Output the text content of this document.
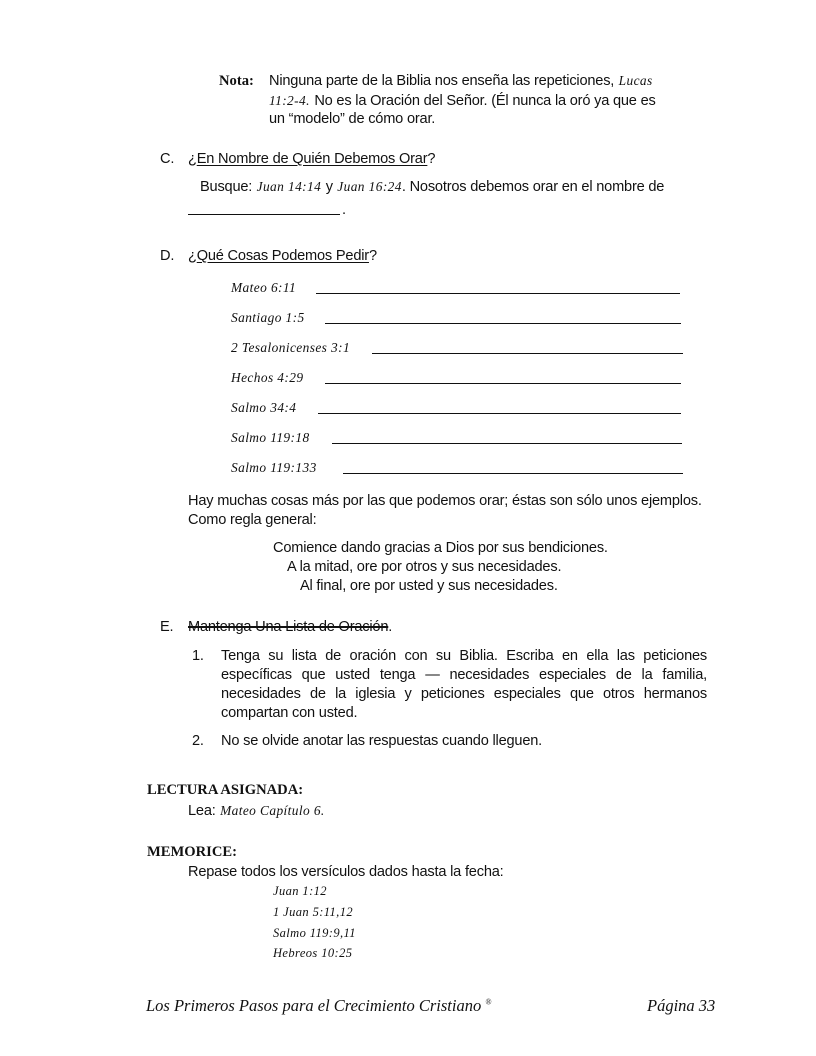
Nota: Ninguna parte de la Biblia nos enseña las repeticiones, Lucas
11:2-4. No es la Oración del Señor. (Él nunca la oró ya que es
un “modelo” de cómo orar.
C. ¿En Nombre de Quién Debemos Orar?
Busque: Juan 14:14 y Juan 16:24. Nosotros debemos orar en el nombre de
.
D. ¿Qué Cosas Podemos Pedir?
Mateo 6:11
Santiago 1:5
2 Tesalonicenses 3:1
Hechos 4:29
Salmo 34:4
Salmo 119:18
Salmo 119:133
Hay muchas cosas más por las que podemos orar; éstas son sólo unos ejemplos.
Como regla general:
Comience dando gracias a Dios por sus bendiciones.
A la mitad, ore por otros y sus necesidades.
Al final, ore por usted y sus necesidades.
E. Mantenga Una Lista de Oración.
1. Tenga su lista de oración con su Biblia. Escriba en ella las peticiones
específicas que usted tenga — necesidades especiales de la familia,
necesidades de la iglesia y peticiones especiales que otros hermanos
compartan con usted.
2. No se olvide anotar las respuestas cuando lleguen.
LECTURA ASIGNADA:
Lea: Mateo Capítulo 6.
MEMORICE:
Repase todos los versículos dados hasta la fecha:
Juan 1:12
1 Juan 5:11,12
Salmo 119:9,11
Hebreos 10:25
Los Primeros Pasos para el Crecimiento Cristiano ®	Página 33
